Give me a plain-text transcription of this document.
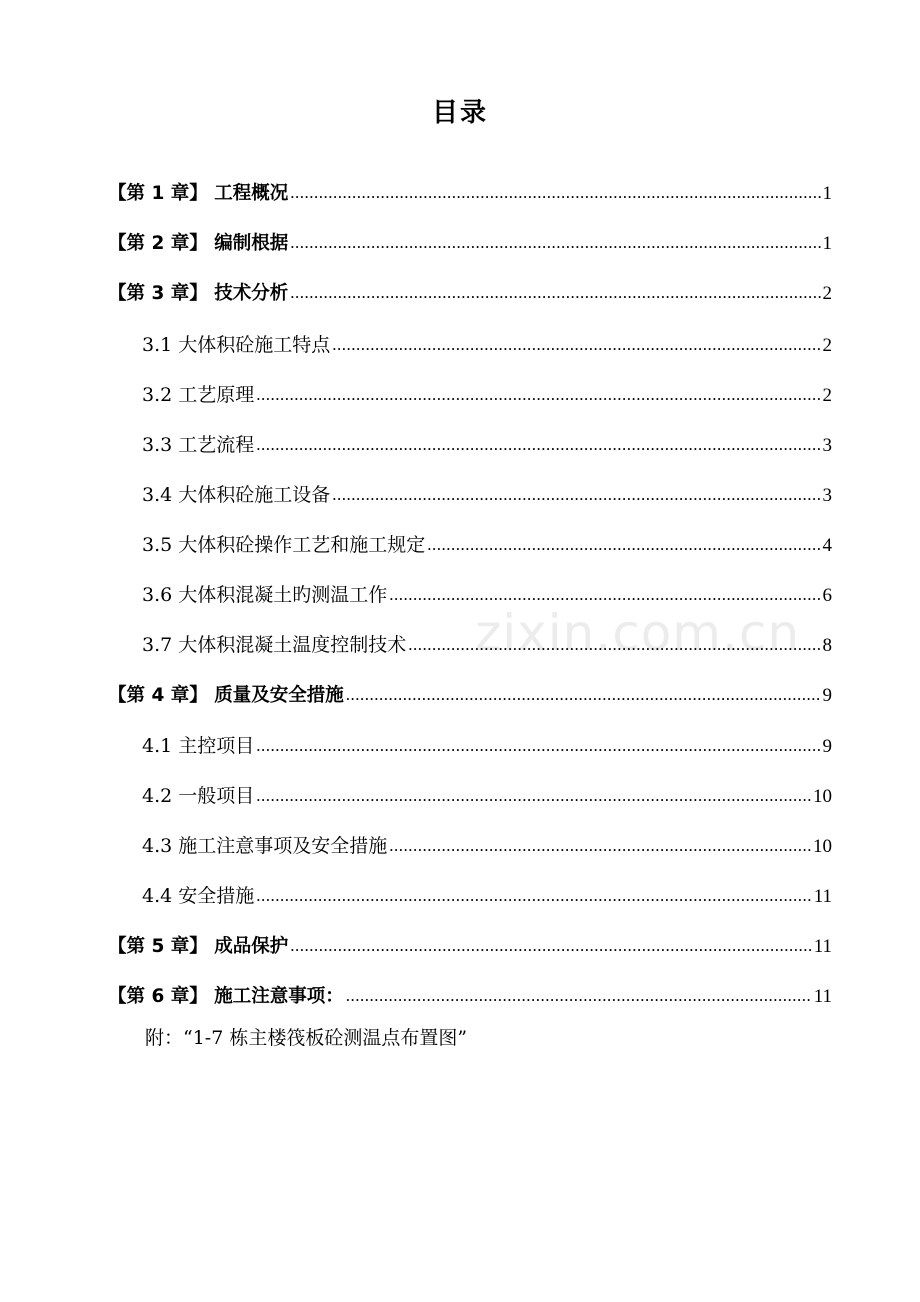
zixin.com.cn
目录
【第 1 章】 工程概况 .....	1
【第 2 章】 编制根据 .....	1
【第 3 章】 技术分析 .....	2
3.1 大体积砼施工特点 .....	2
3.2 工艺原理 .....	2
3.3 工艺流程 .....	3
3.4 大体积砼施工设备 .....	3
3.5 大体积砼操作工艺和施工规定 .....	4
3.6 大体积混凝土旳测温工作 .....	6
3.7 大体积混凝土温度控制技术 .....	8
【第 4 章】 质量及安全措施 .....	9
4.1 主控项目 .....	9
4.2 一般项目 .....	10
4.3 施工注意事项及安全措施 .....	10
4.4 安全措施 .....	11
【第 5 章】 成品保护 .....	11
【第 6 章】 施工注意事项： .....	11
附：“1-7 栋主楼筏板砼测温点布置图”
